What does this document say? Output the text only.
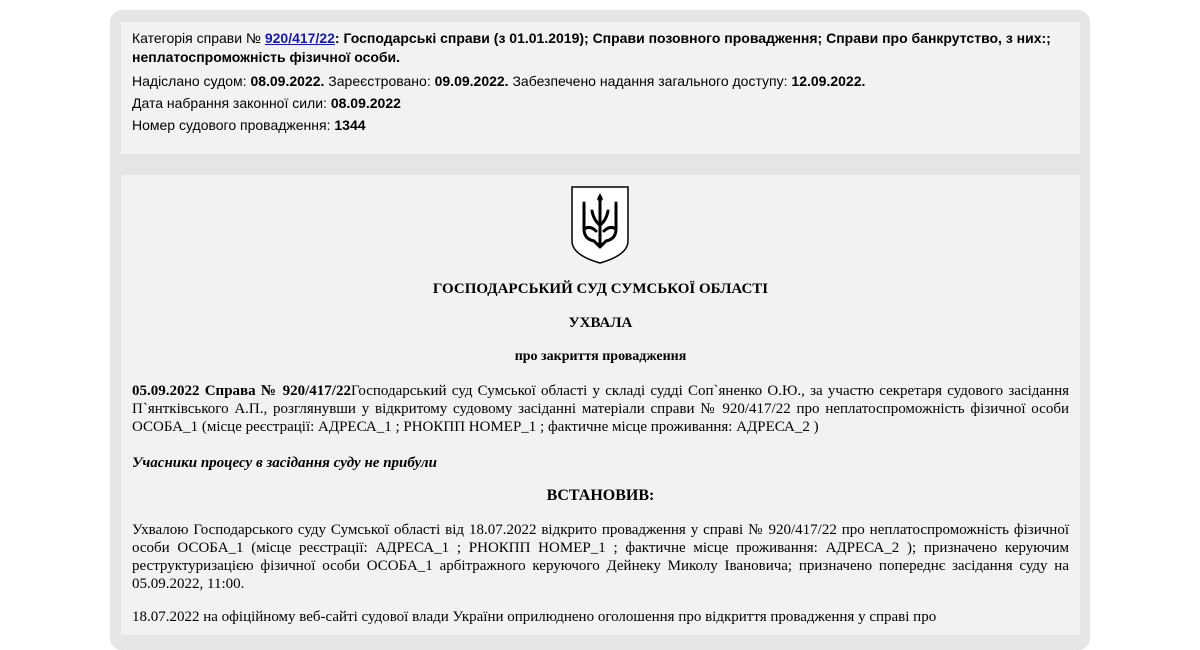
Категорія справи № 920/417/22: Господарські справи (з 01.01.2019); Справи позовного провадження; Справи про банкрутство, з них:; неплатоспроможність фізичної особи.
Надіслано судом: 08.09.2022. Зареєстровано: 09.09.2022. Забезпечено надання загального доступу: 12.09.2022.
Дата набрання законної сили: 08.09.2022
Номер судового провадження: 1344
ГОСПОДАРСЬКИЙ СУД СУМСЬКОЇ ОБЛАСТІ
УХВАЛА
про закриття провадження

05.09.2022 Справа № 920/417/22Господарський суд Сумської області у складі судді Соп`яненко О.Ю., за участю секретаря судового засідання П`янтківського А.П., розглянувши у відкритому судовому засіданні матеріали справи № 920/417/22 про неплатоспроможність фізичної особи ОСОБА_1 (місце реєстрації: АДРЕСА_1 ; РНОКПП НОМЕР_1 ; фактичне місце проживання: АДРЕСА_2 )

Учасники процесу в засідання суду не прибули

ВСТАНОВИВ:

Ухвалою Господарського суду Сумської області від 18.07.2022 відкрито провадження у справі № 920/417/22 про неплатоспроможність фізичної особи ОСОБА_1 (місце реєстрації: АДРЕСА_1 ; РНОКПП НОМЕР_1 ; фактичне місце проживання: АДРЕСА_2 ); призначено керуючим реструктуризацією фізичної особи ОСОБА_1 арбітражного керуючого Дейнеку Миколу Івановича; призначено попереднє засідання суду на 05.09.2022, 11:00.

18.07.2022 на офіційному веб-сайті судової влади України оприлюднено оголошення про відкриття провадження у справі про
